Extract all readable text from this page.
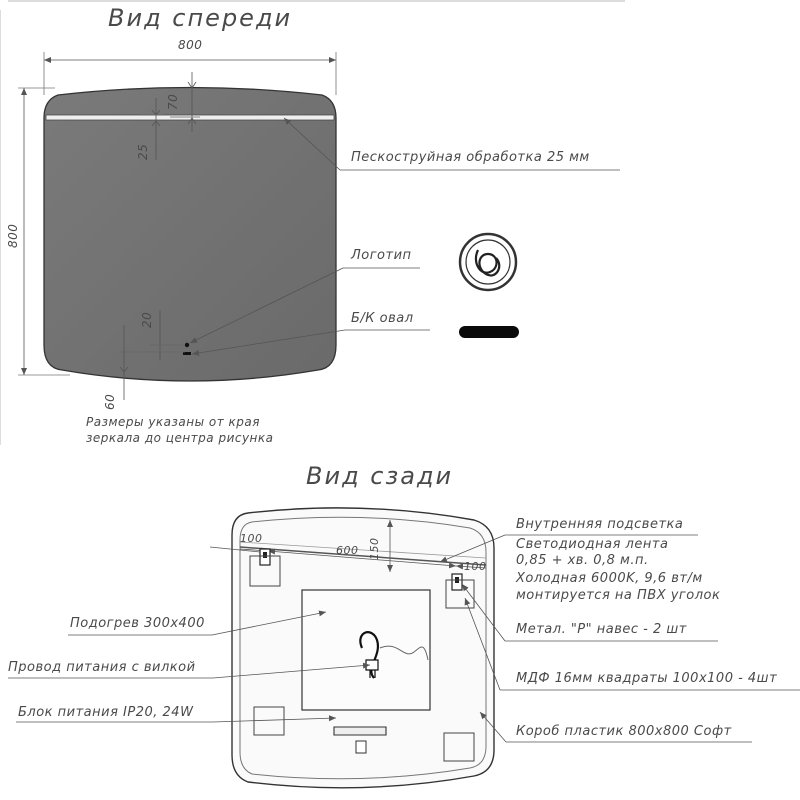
Вид спереди
800
800
70
25
20
60
Пескоструйная обработка 25 мм
Логотип
Б/К овал
Размеры указаны от края
зеркала до центра рисунка
Вид сзади
100
600 150
100
Внутренняя подсветка
Светодиодная лента
0,85 + хв. 0,8 м.п.
Холодная 6000K, 9,6 вт/м
монтируется на ПВХ уголок
Метал. "P" навес - 2 шт
МДФ 16мм квадраты 100х100 - 4шт
Короб пластик 800х800 Софт
Подогрев 300х400
Провод питания с вилкой
Блок питания IP20, 24W
